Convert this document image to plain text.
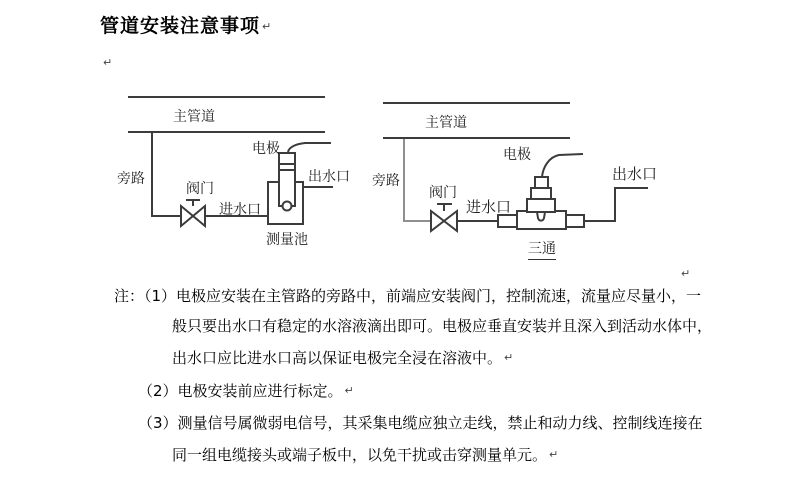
管道安装注意事项 ↵
↵
↵
主管道
旁路
阀门
进水口
电极
出水口
测量池
主管道
旁路
阀门
进水口
电极
出水口
三通
注：（1）电极应安装在主管路的旁路中，前端应安装阀门，控制流速，流量应尽量小，一
般只要出水口有稳定的水溶液滴出即可。电极应垂直安装并且深入到活动水体中，
出水口应比进水口高以保证电极完全浸在溶液中。 ↵
（2）电极安装前应进行标定。 ↵
（3）测量信号属微弱电信号，其采集电缆应独立走线，禁止和动力线、控制线连接在
同一组电缆接头或端子板中，以免干扰或击穿测量单元。 ↵
